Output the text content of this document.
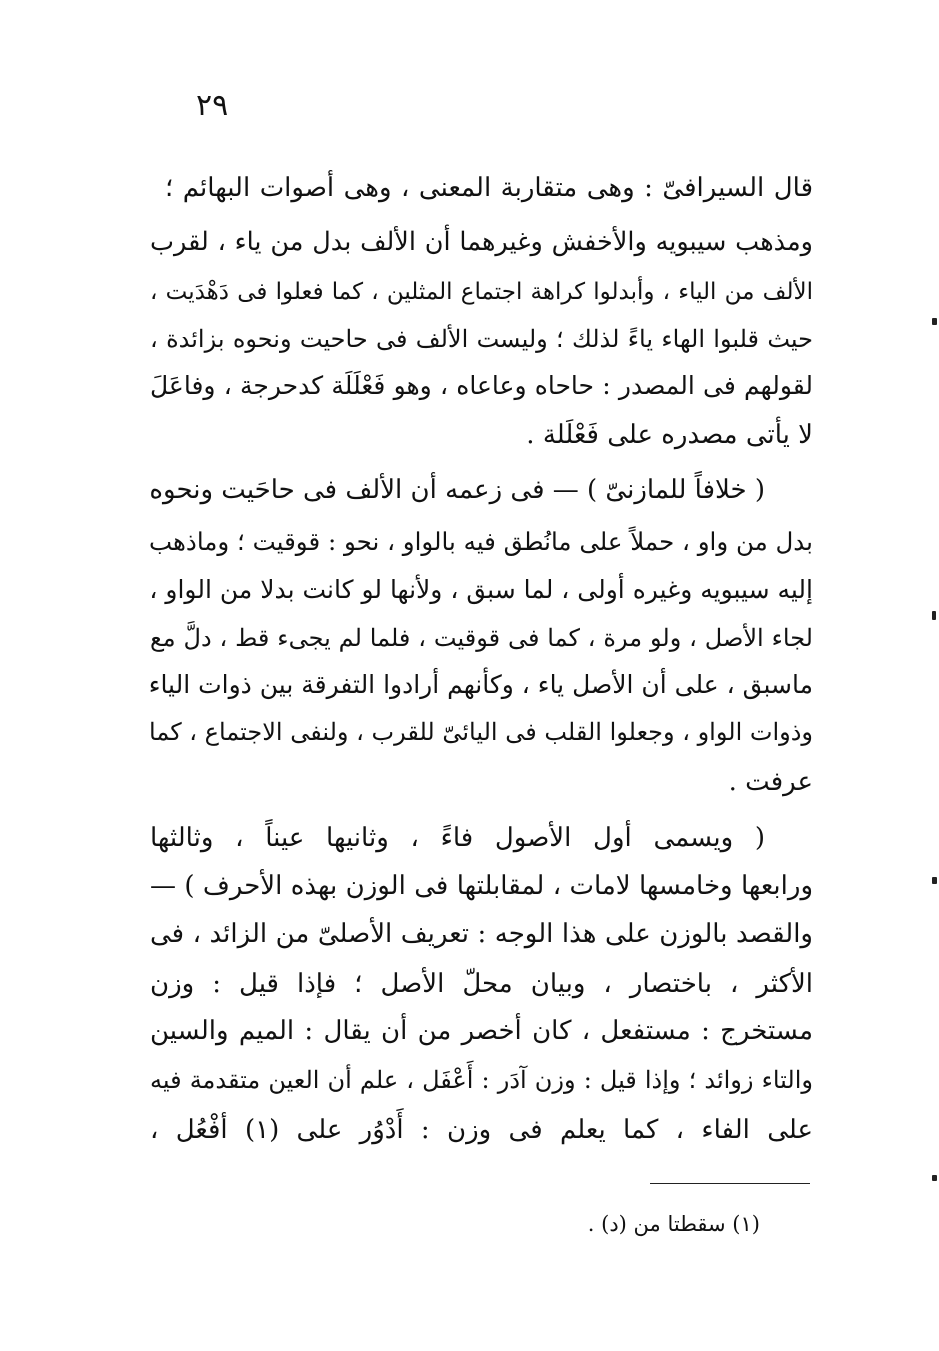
٢٩
قال السيرافىّ : وهى متقاربة المعنى ، وهى أصوات البهائم ؛
ومذهب سيبويه والأخفش وغيرهما أن الألف بدل من ياء ، لقرب
الألف من الياء ، وأبدلوا كراهة اجتماع المثلين ، كما فعلوا فى دَهْدَيت ،
حيث قلبوا الهاء ياءً لذلك ؛ وليست الألف فى حاحيت ونحوه بزائدة ،
لقولهم فى المصدر : حاحاه وعاعاه ، وهو فَعْلَلَة كدحرجة ، وفاعَلَ
لا يأتى مصدره على فَعْلَلة .
( خلافاً للمازنىّ ) — فى زعمه أن الألف فى حاحَيت ونحوه
بدل من واو ، حملاً على مانُطق فيه بالواو ، نحو : قوقيت ؛ وماذهب
إليه سيبويه وغيره أولى ، لما سبق ، ولأنها لو كانت بدلا من الواو ،
لجاء الأصل ، ولو مرة ، كما فى قوقيت ، فلما لم يجىء قط ، دلَّ مع
ماسبق ، على أن الأصل ياء ، وكأنهم أرادوا التفرقة بين ذوات الياء
وذوات الواو ، وجعلوا القلب فى اليائىّ للقرب ، ولنفى الاجتماع ، كما
عرفت .
( ويسمى أول الأصول فاءً ، وثانيها عيناً ، وثالثها
ورابعها وخامسها لامات ، لمقابلتها فى الوزن بهذه الأحرف ) —
والقصد بالوزن على هذا الوجه : تعريف الأصلىّ من الزائد ، فى
الأكثر ، باختصار ، وبيان محلّ الأصل ؛ فإذا قيل : وزن
مستخرج : مستفعل ، كان أخصر من أن يقال : الميم والسين
والتاء زوائد ؛ وإذا قيل : وزن آدَر : أَعْفَل ، علم أن العين متقدمة فيه
على الفاء ، كما يعلم فى وزن : أَدْوُر على (١) أفْعُل ،
(١) سقطتا من (د) .
